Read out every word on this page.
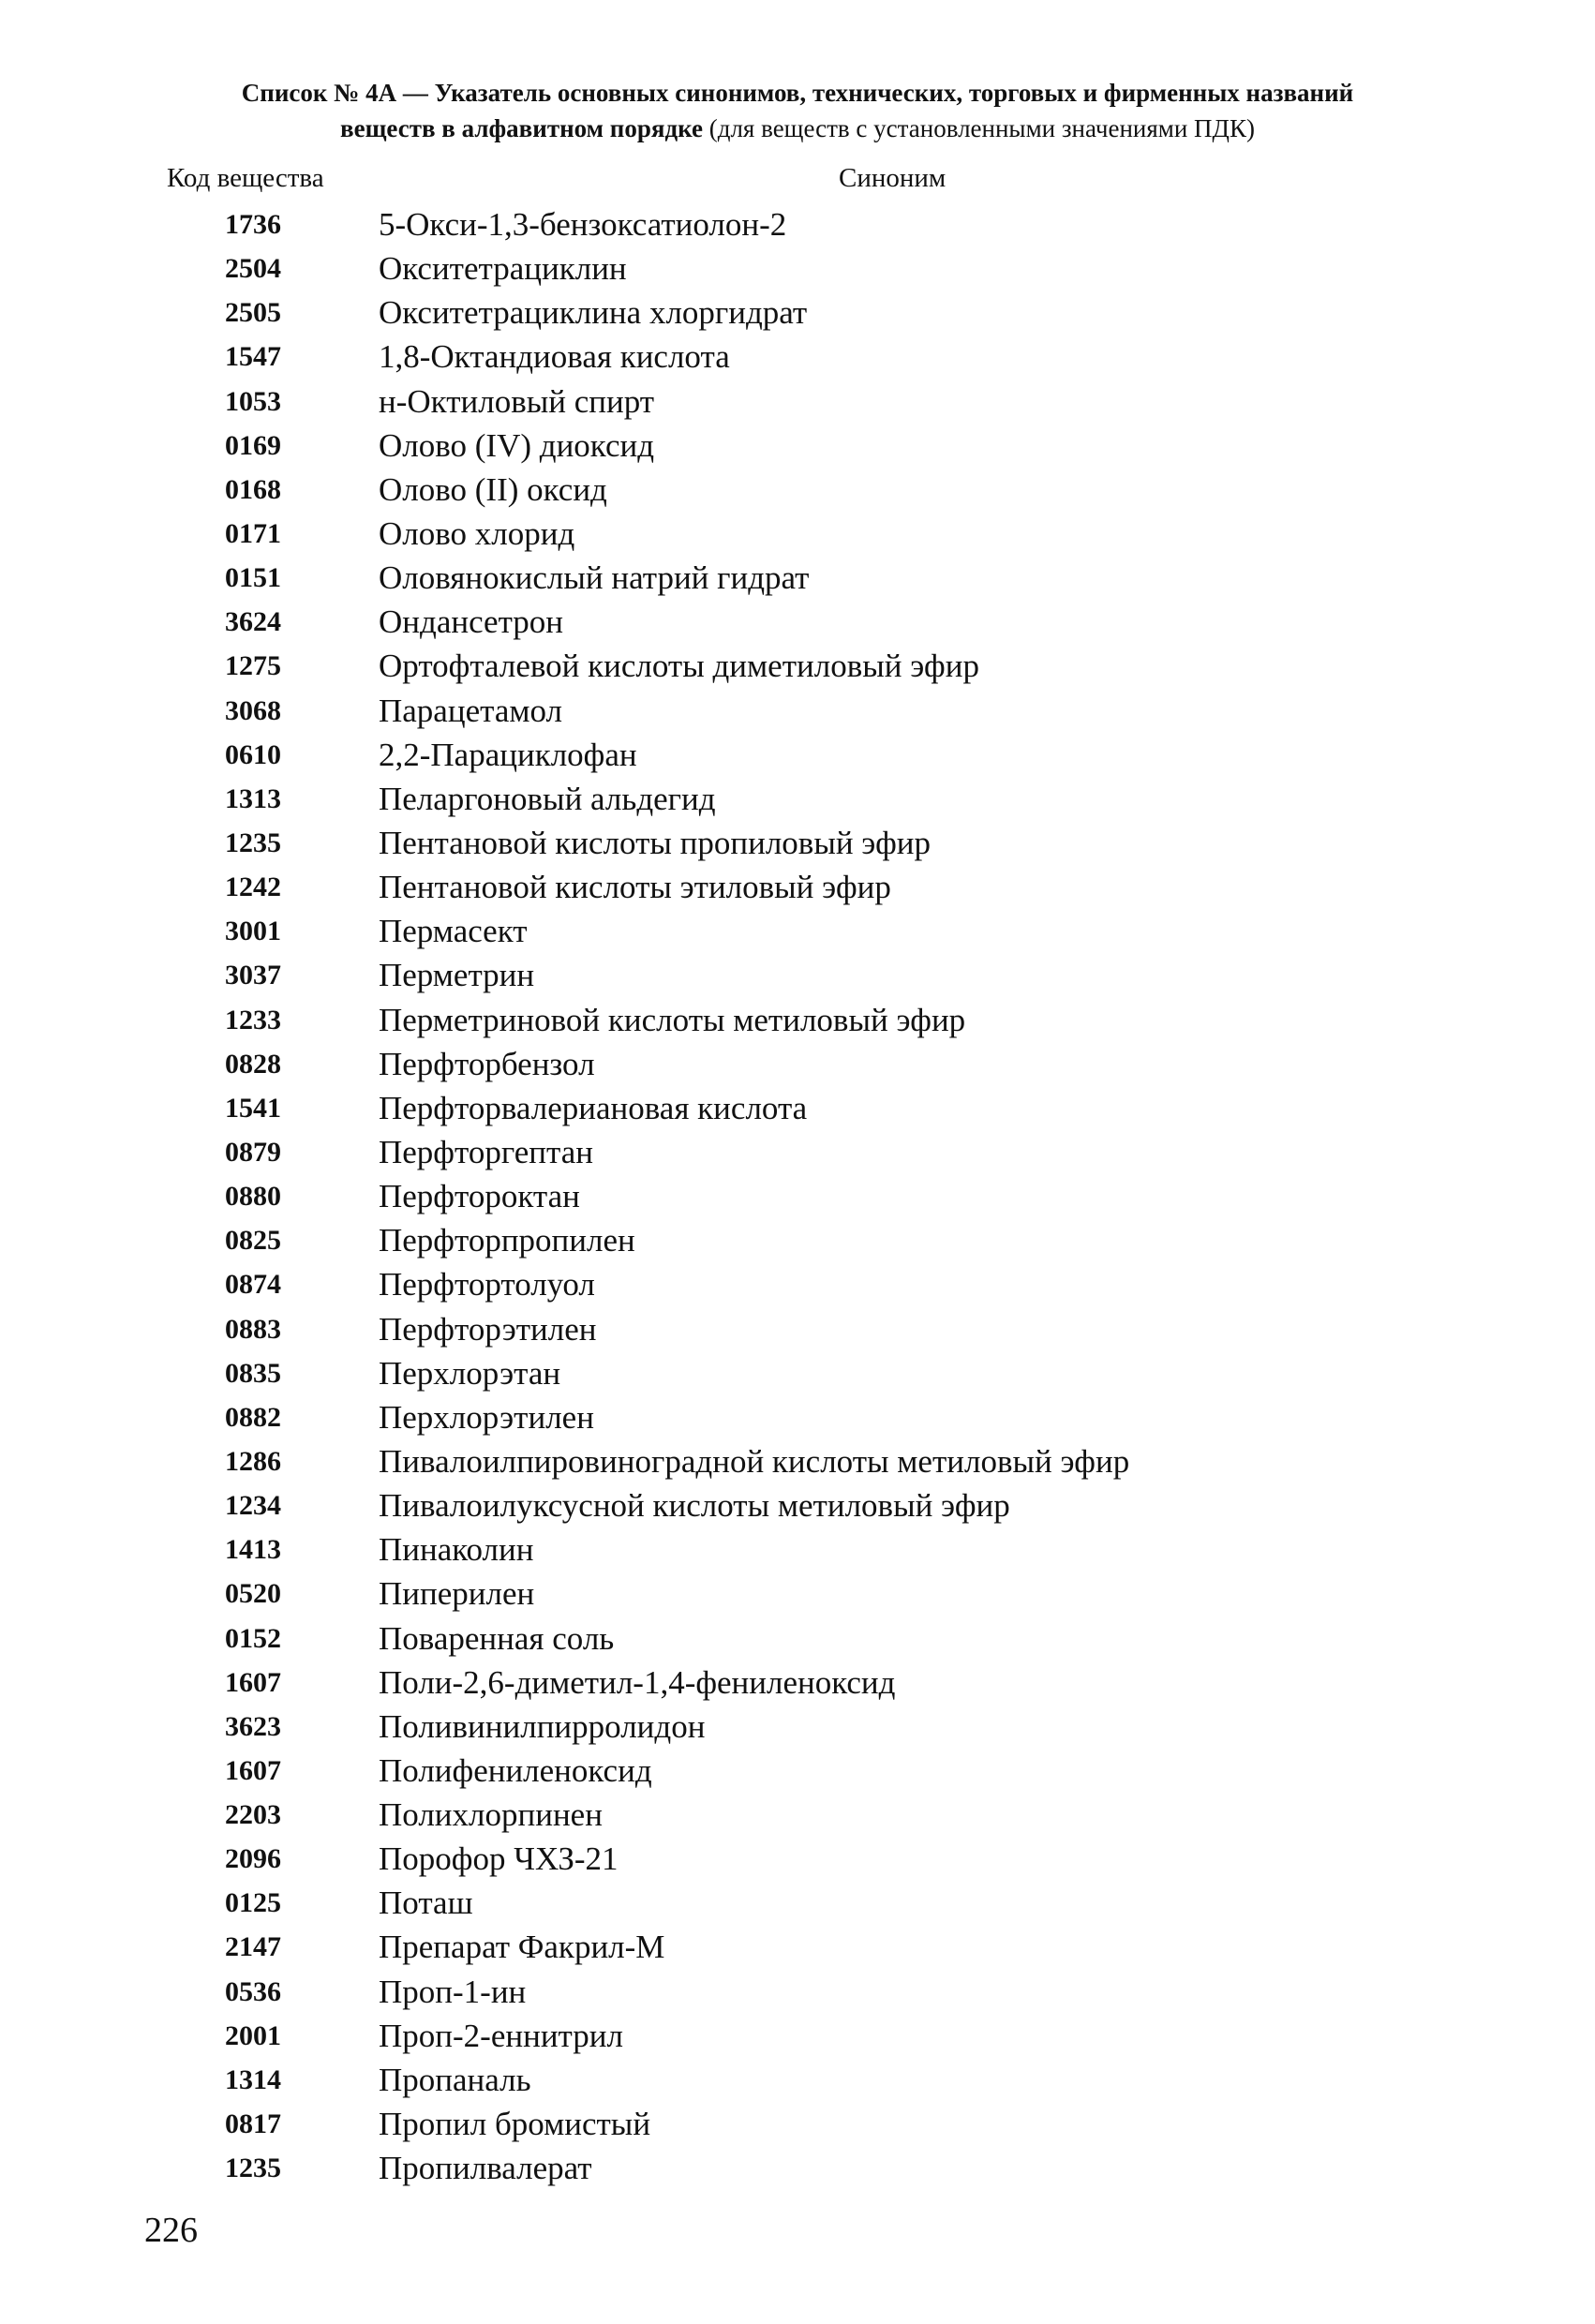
Список № 4А — Указатель основных синонимов, технических, торговых и фирменных названий
веществ в алфавитном порядке (для веществ с установленными значениями ПДК)
Код вещества	Синоним
1736	5-Окси-1,3-бензоксатиолон-2
2504	Окситетрациклин
2505	Окситетрациклина хлоргидрат
1547	1,8-Октандиовая кислота
1053	н-Октиловый спирт
0169	Олово (IV) диоксид
0168	Олово (II) оксид
0171	Олово хлорид
0151	Оловянокислый натрий гидрат
3624	Ондансетрон
1275	Ортофталевой кислоты диметиловый эфир
3068	Парацетамол
0610	2,2-Парациклофан
1313	Пеларгоновый альдегид
1235	Пентановой кислоты пропиловый эфир
1242	Пентановой кислоты этиловый эфир
3001	Пермасект
3037	Перметрин
1233	Перметриновой кислоты метиловый эфир
0828	Перфторбензол
1541	Перфторвалериановая кислота
0879	Перфторгептан
0880	Перфтороктан
0825	Перфторпропилен
0874	Перфтортолуол
0883	Перфторэтилен
0835	Перхлорэтан
0882	Перхлорэтилен
1286	Пивалоилпировиноградной кислоты метиловый эфир
1234	Пивалоилуксусной кислоты метиловый эфир
1413	Пинаколин
0520	Пиперилен
0152	Поваренная соль
1607	Поли-2,6-диметил-1,4-фениленоксид
3623	Поливинилпирролидон
1607	Полифениленоксид
2203	Полихлорпинен
2096	Порофор ЧХЗ-21
0125	Поташ
2147	Препарат Факрил-М
0536	Проп-1-ин
2001	Проп-2-еннитрил
1314	Пропаналь
0817	Пропил бромистый
1235	Пропилвалерат
226
